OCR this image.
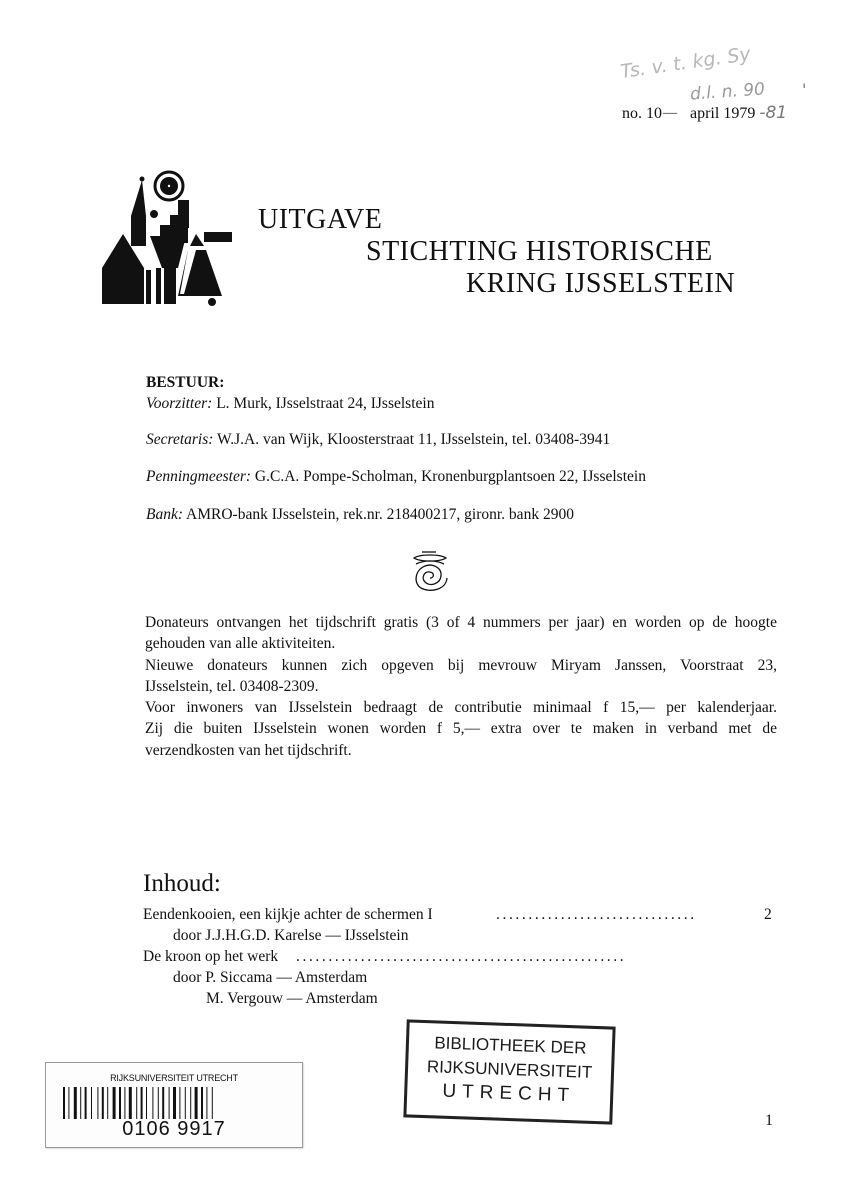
Ts. v. t. kg. Sy
d.l. n. 90 '
no. 10— april 1979 -81
UITGAVE
STICHTING HISTORISCHE
KRING IJSSELSTEIN
BESTUUR:
Voorzitter: L. Murk, IJsselstraat 24, IJsselstein
Secretaris: W.J.A. van Wijk, Kloosterstraat 11, IJsselstein, tel. 03408-3941
Penningmeester: G.C.A. Pompe-Scholman, Kronenburgplantsoen 22, IJsselstein
Bank: AMRO-bank IJsselstein, rek.nr. 218400217, gironr. bank 2900

Donateurs ontvangen het tijdschrift gratis (3 of 4 nummers per jaar) en worden op de hoogte

gehouden van alle aktiviteiten.

Nieuwe donateurs kunnen zich opgeven bij mevrouw Miryam Janssen, Voorstraat 23,

IJsselstein, tel. 03408-2309.

Voor inwoners van IJsselstein bedraagt de contributie minimaal f 15,— per kalenderjaar.

Zij die buiten IJsselstein wonen worden f 5,— extra over te maken in verband met de

verzendkosten van het tijdschrift.

Inhoud:
Eendenkooien, een kijkje achter de schermen I	...............................	2
door J.J.H.G.D. Karelse — IJsselstein
De kroon op het werk ...................................................
door P. Siccama — Amsterdam
M. Vergouw — Amsterdam
RIJKSUNIVERSITEIT UTRECHT
0106 9917
BIBLIOTHEEK DER
RIJKSUNIVERSITEIT
UTRECHT
1
